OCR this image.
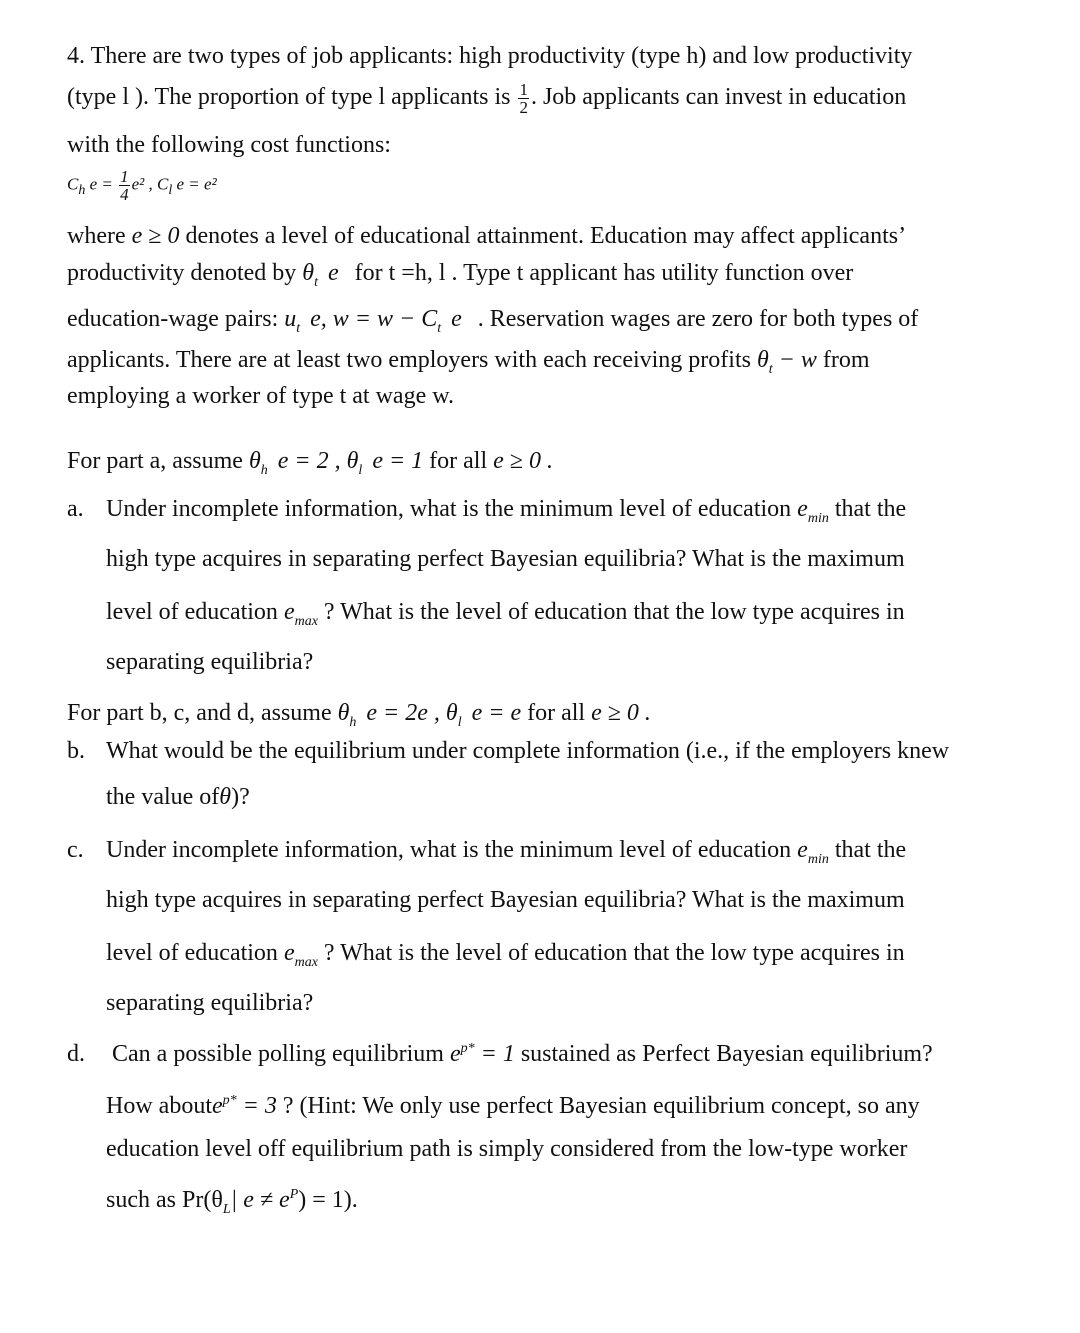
4. There are two types of job applicants: high productivity (type h) and low productivity
(type l ). The proportion of type l applicants is $\frac{1}{2}$ . Job applicants can invest in education
with the following cost functions:
$C_h$ $e = \frac{1}{4} e^2$ , $C_l$ e = e²
where e ≥ 0 denotes a level of educational attainment. Education may affect applicants’
productivity denoted by $\theta_t$ e for t =h, l . Type t applicant has utility function over
education-wage pairs: $u_t$ e, $w = w - C_t$ e . Reservation wages are zero for both types of
applicants. There are at least two employers with each receiving profits $\theta_t - w$ from
employing a worker of type t at wage w.
For part a, assume $\theta_h$ e = 2 , $\theta_l$ e = 1 for all e ≥ 0 .
a. Under incomplete information, what is the minimum level of education $e_{min}$ that the
high type acquires in separating perfect Bayesian equilibria? What is the maximum
level of education $e_{max}$ ? What is the level of education that the low type acquires in
separating equilibria?
For part b, c, and d, assume $\theta_h$ e = 2e , $\theta_l$ e = e for all e ≥ 0 .
b. What would be the equilibrium under complete information (i.e., if the employers knew
the value ofθ)?
c. Under incomplete information, what is the minimum level of education $e_{min}$ that the
high type acquires in separating perfect Bayesian equilibria? What is the maximum
level of education $e_{max}$ ? What is the level of education that the low type acquires in
separating equilibria?
d. Can a possible polling equilibrium $e^{p*} = 1$ sustained as Perfect Bayesian equilibrium?
How aboute$^{p*}$ = 3 ? (Hint: We only use perfect Bayesian equilibrium concept, so any
education level off equilibrium path is simply considered from the low-type worker
such as $Pr(\theta_L|$ $e \ne e^P) = 1$).
